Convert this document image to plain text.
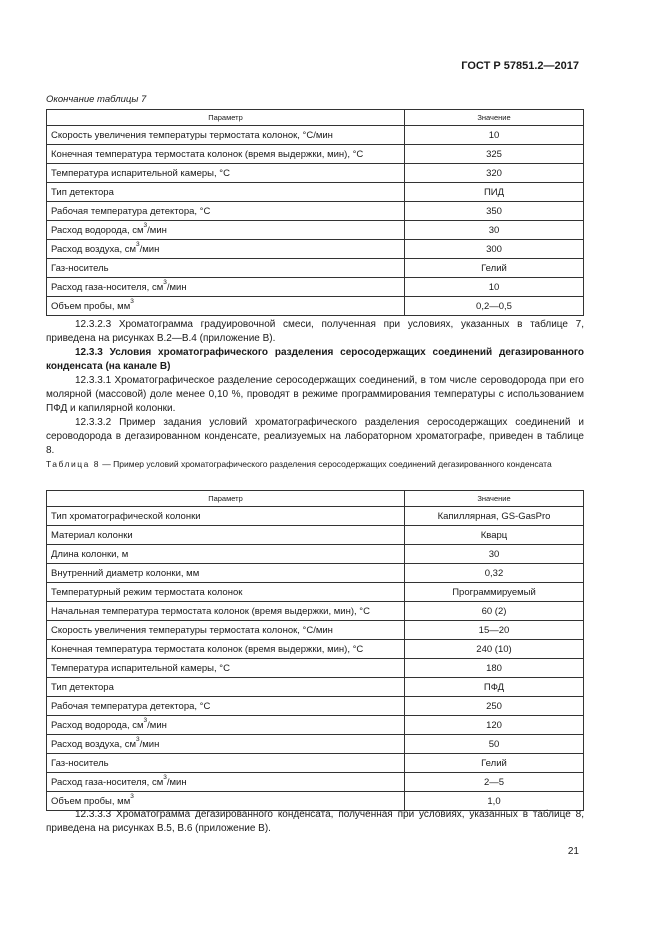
ГОСТ Р 57851.2—2017
Окончание таблицы 7
Параметр	Значение
Скорость увеличения температуры термостата колонок, °С/мин	10
Конечная температура термостата колонок (время выдержки, мин), °С	325
Температура испарительной камеры, °С	320
Тип детектора	ПИД
Рабочая температура детектора, °С	350
Расход водорода, $см^3$/мин	30
Расход воздуха, $см^3$/мин	300
Газ-носитель	Гелий
Расход газа-носителя, $см^3$/мин	10
Объем пробы, $мм^3$	0,2—0,5

12.3.2.3 Хроматограмма градуировочной смеси, полученная при условиях, указанных в таблице 7, приведена на рисунках В.2—В.4 (приложение В).

12.3.3 Условия хроматографического разделения серосодержащих соединений дегазированного конденсата (на канале В)

12.3.3.1 Хроматографическое разделение серосодержащих соединений, в том числе сероводорода при его молярной (массовой) доле менее 0,10 %, проводят в режиме программирования температуры с использованием ПФД и капилярной колонки.

12.3.3.2 Пример задания условий хроматографического разделения серосодержащих соединений и сероводорода в дегазированном конденсате, реализуемых на лабораторном хроматографе, приведен в таблице 8.

Таблица 8 — Пример условий хроматографического разделения серосодержащих соединений дегазированного конденсата
Параметр	Значение
Тип хроматографической колонки	Капиллярная, GS-GasPro
Материал колонки	Кварц
Длина колонки, м	30
Внутренний диаметр колонки, мм	0,32
Температурный режим термостата колонок	Программируемый
Начальная температура термостата колонок (время выдержки, мин), °С	60 (2)
Скорость увеличения температуры термостата колонок, °С/мин	15—20
Конечная температура термостата колонок (время выдержки, мин), °С	240 (10)
Температура испарительной камеры, °С	180
Тип детектора	ПФД
Рабочая температура детектора, °С	250
Расход водорода, $см^3$/мин	120
Расход воздуха, $см^3$/мин	50
Газ-носитель	Гелий
Расход газа-носителя, $см^3$/мин	2—5
Объем пробы, $мм^3$	1,0

12.3.3.3 Хроматограмма дегазированного конденсата, полученная при условиях, указанных в таблице 8, приведена на рисунках В.5, В.6 (приложение В).

21
